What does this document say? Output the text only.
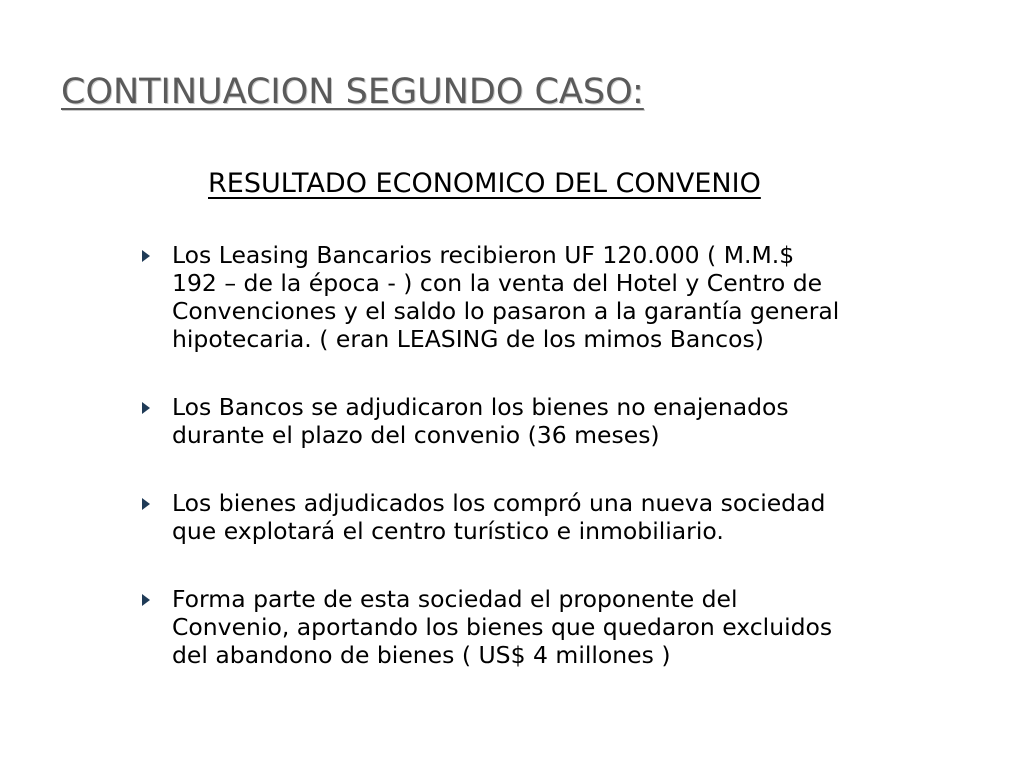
CONTINUACION SEGUNDO CASO:
RESULTADO ECONOMICO DEL CONVENIO
Los Leasing Bancarios recibieron UF 120.000 ( M.M.$
192 – de la época - ) con la venta del Hotel y Centro de
Convenciones y el saldo lo pasaron a la garantía general
hipotecaria. ( eran LEASING de los mimos Bancos)
Los Bancos se adjudicaron los bienes no enajenados
durante el plazo del convenio (36 meses)
Los bienes adjudicados los compró una nueva sociedad
que explotará el centro turístico e inmobiliario.
Forma parte de esta sociedad el proponente del
Convenio, aportando los bienes que quedaron excluidos
del abandono de bienes ( US$ 4 millones )
